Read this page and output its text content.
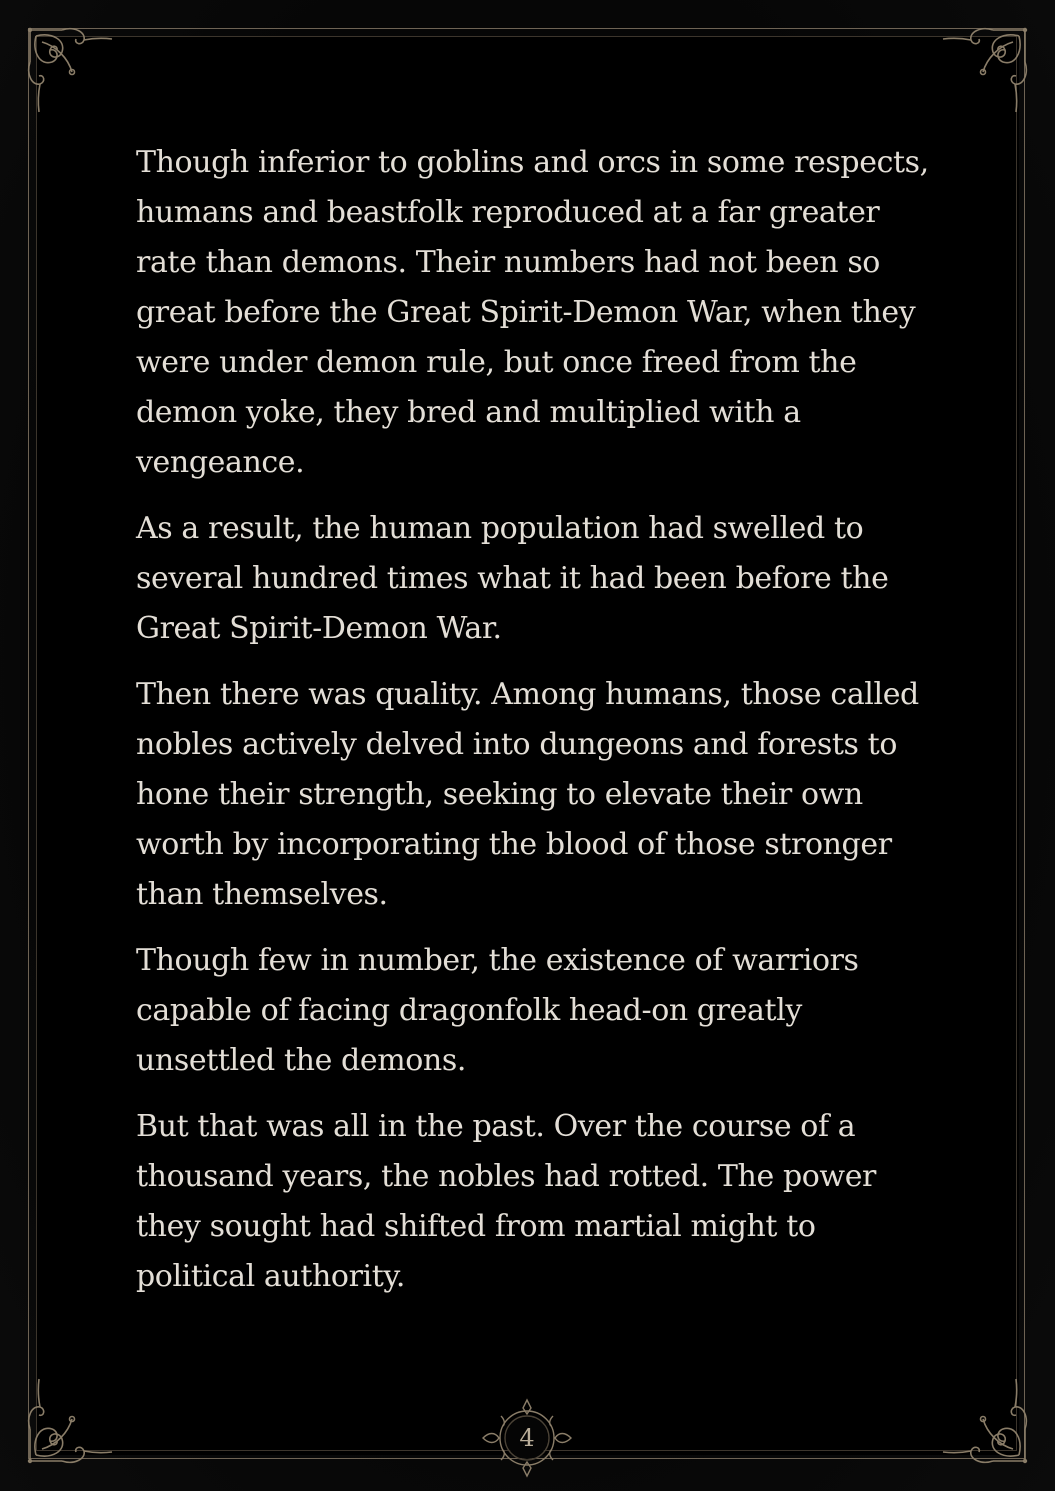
Though inferior to goblins and orcs in some respects, humans and beastfolk reproduced at a far greater rate than demons. Their numbers had not been so great before the Great Spirit-Demon War, when they were under demon rule, but once freed from the demon yoke, they bred and multiplied with a vengeance.

As a result, the human population had swelled to several hundred times what it had been before the Great Spirit-Demon War.

Then there was quality. Among humans, those called nobles actively delved into dungeons and forests to hone their strength, seeking to elevate their own worth by incorporating the blood of those stronger than themselves.

Though few in number, the existence of warriors capable of facing dragonfolk head-on greatly unsettled the demons.

But that was all in the past. Over the course of a thousand years, the nobles had rotted. The power they sought had shifted from martial might to political authority.

4
